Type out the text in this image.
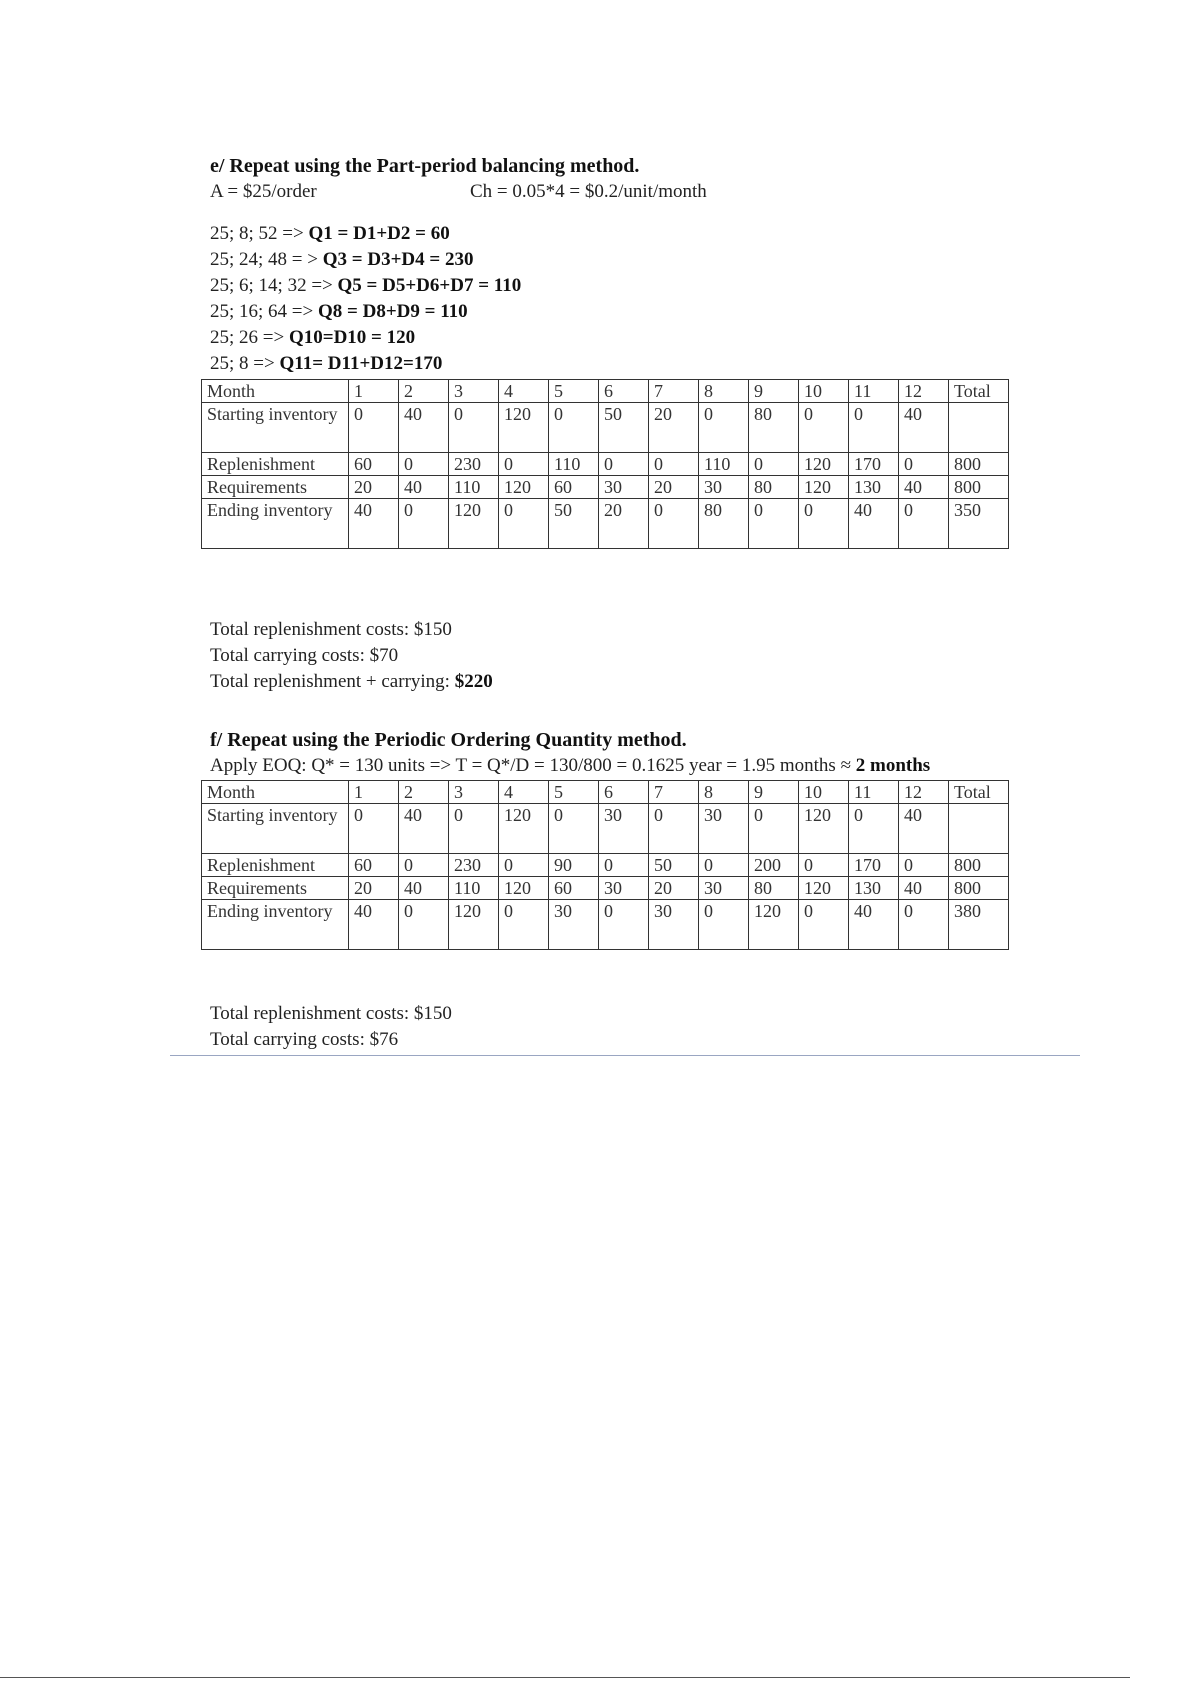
e/ Repeat using the Part-period balancing method.
A = $25/order	Ch = 0.05*4 = $0.2/unit/month
25; 8; 52 => Q1 = D1+D2 = 60
25; 24; 48 = > Q3 = D3+D4 = 230
25; 6; 14; 32 => Q5 = D5+D6+D7 = 110
25; 16; 64 => Q8 = D8+D9 = 110
25; 26 => Q10=D10 = 120
25; 8 => Q11= D11+D12=170
Month	1	2	3	4	5	6	7	8	9	10	11	12	Total
Starting inventory	0	40	0	120	0	50	20	0	80	0	0	40	
Replenishment	60	0	230	0	110	0	0	110	0	120	170	0	800
Requirements	20	40	110	120	60	30	20	30	80	120	130	40	800
Ending inventory	40	0	120	0	50	20	0	80	0	0	40	0	350
Total replenishment costs: $150
Total carrying costs: $70
Total replenishment + carrying: $220
f/ Repeat using the Periodic Ordering Quantity method.
Apply EOQ: Q* = 130 units => T = Q*/D = 130/800 = 0.1625 year = 1.95 months ≈ 2 months
Month	1	2	3	4	5	6	7	8	9	10	11	12	Total
Starting inventory	0	40	0	120	0	30	0	30	0	120	0	40	
Replenishment	60	0	230	0	90	0	50	0	200	0	170	0	800
Requirements	20	40	110	120	60	30	20	30	80	120	130	40	800
Ending inventory	40	0	120	0	30	0	30	0	120	0	40	0	380
Total replenishment costs: $150
Total carrying costs: $76
